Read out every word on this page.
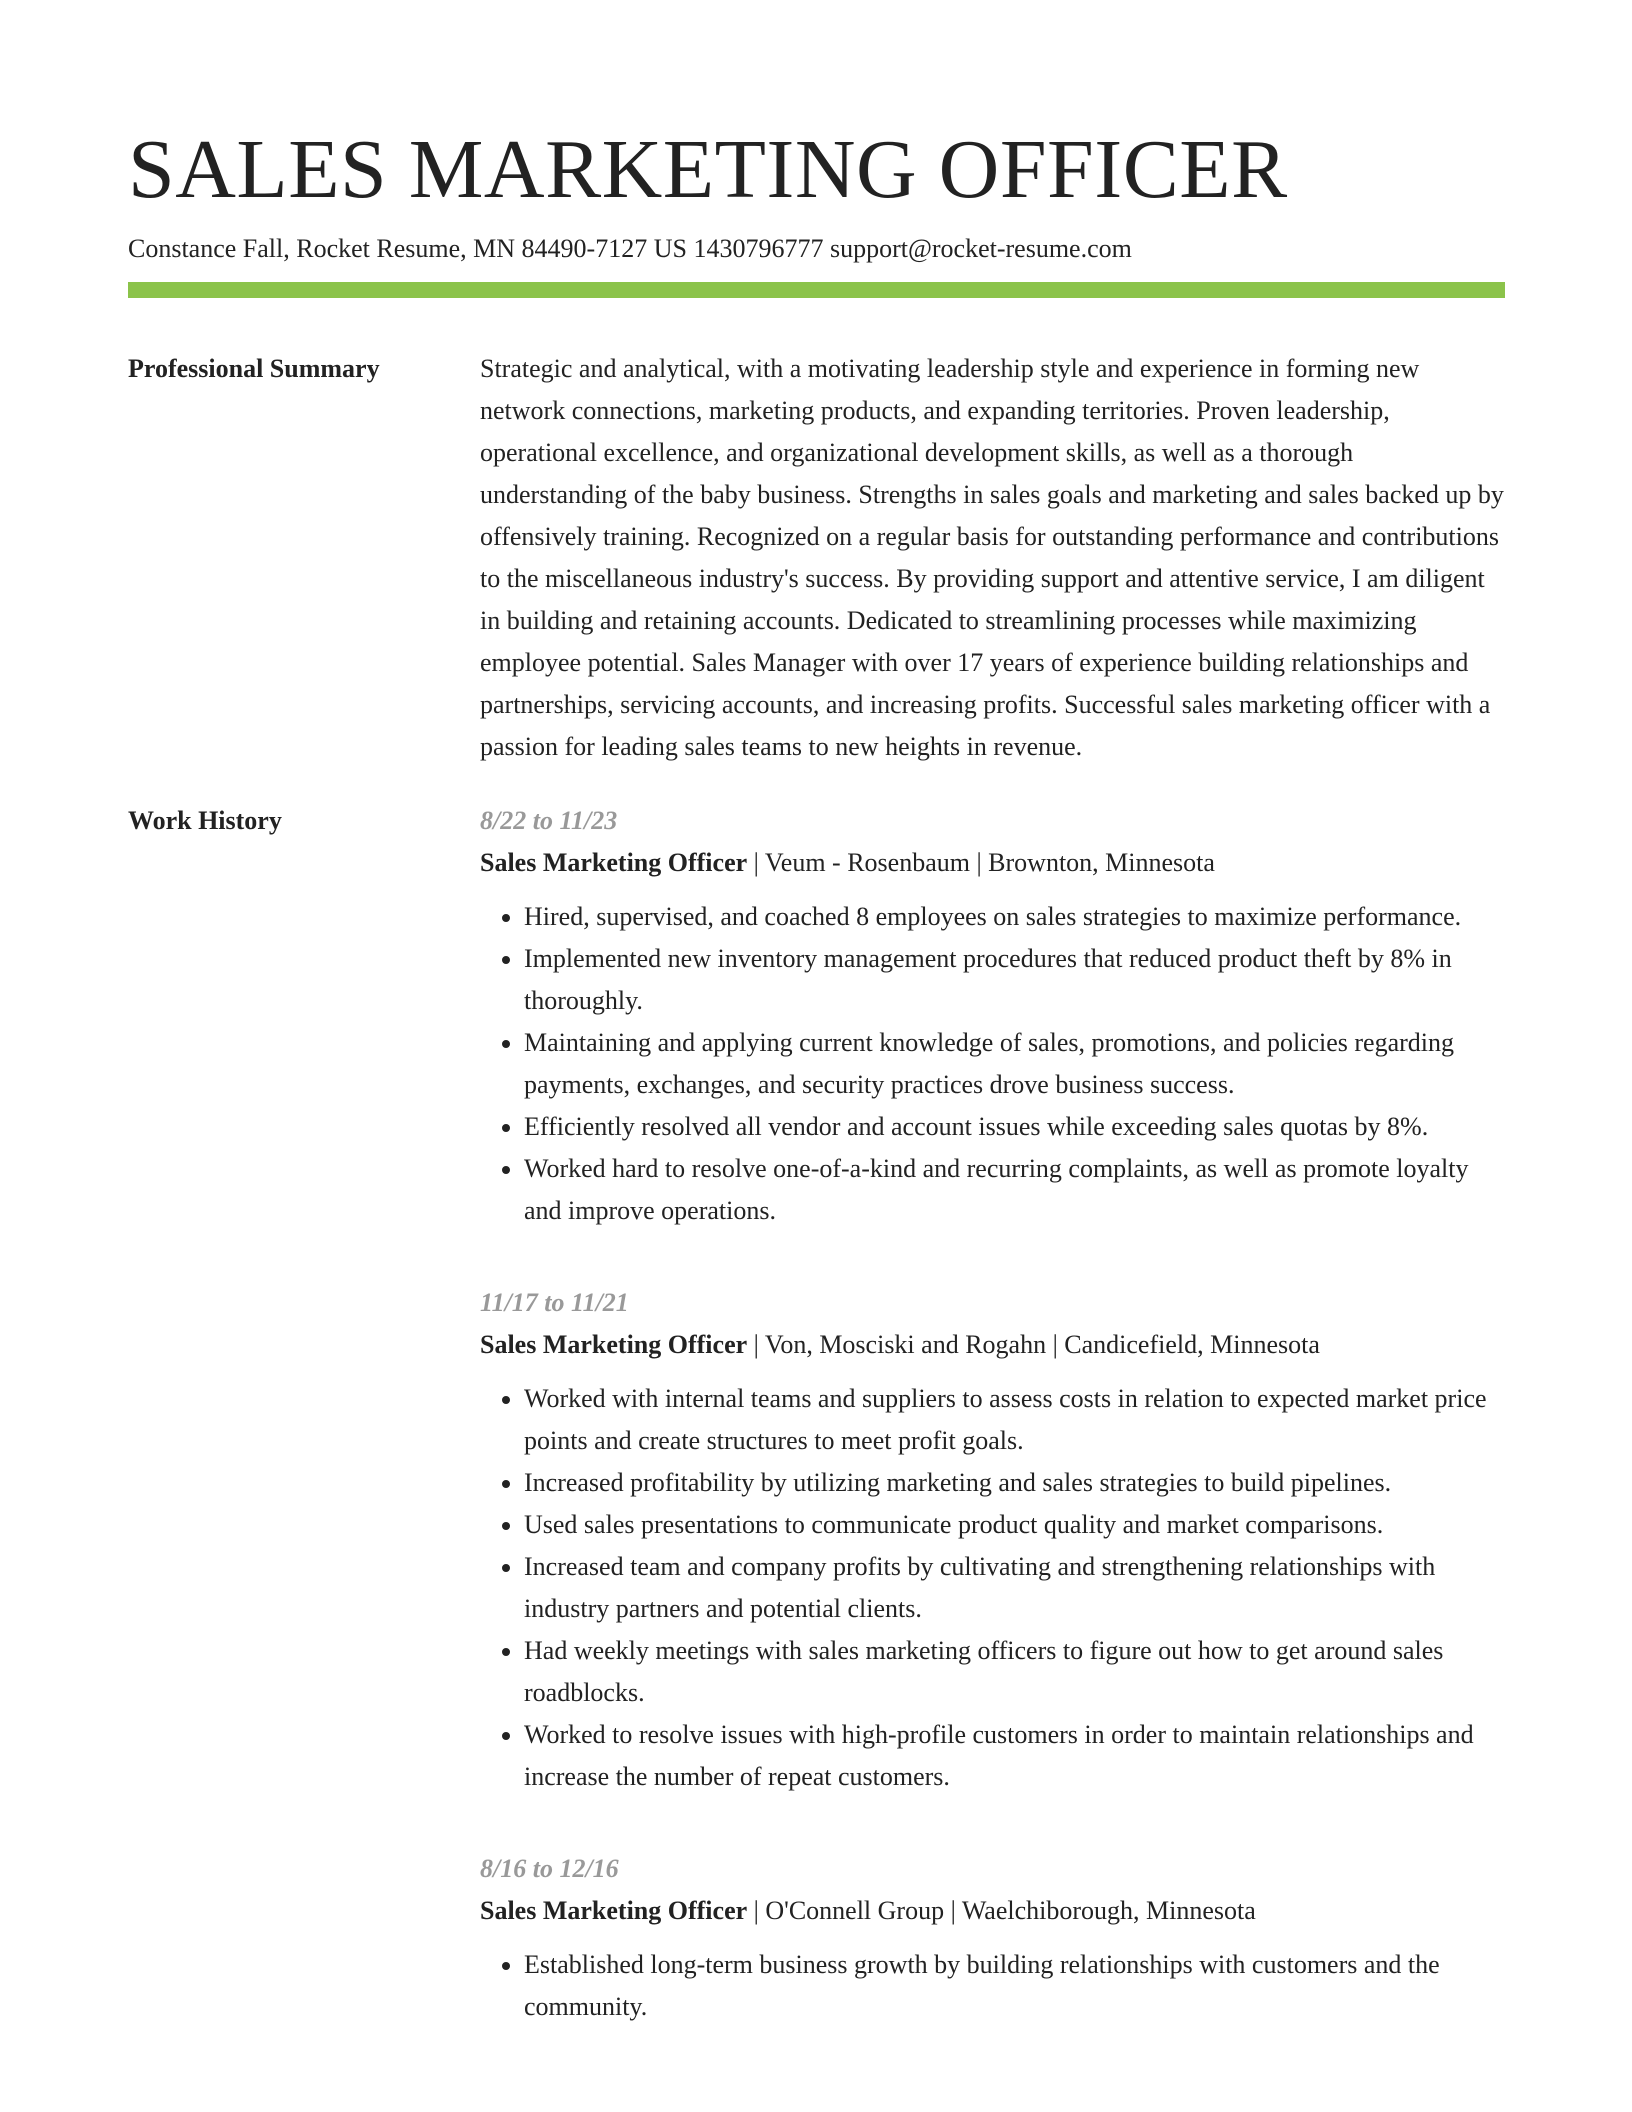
SALES MARKETING OFFICER
Constance Fall, Rocket Resume, MN 84490-7127 US 1430796777 support@rocket-resume.com
Professional Summary	Strategic and analytical, with a motivating leadership style and experience in forming new network connections, marketing products, and expanding territories. Proven leadership, operational excellence, and organizational development skills, as well as a thorough understanding of the baby business. Strengths in sales goals and marketing and sales backed up by offensively training. Recognized on a regular basis for outstanding performance and contributions to the miscellaneous industry's success. By providing support and attentive service, I am diligent in building and retaining accounts. Dedicated to streamlining processes while maximizing employee potential. Sales Manager with over 17 years of experience building relationships and partnerships, servicing accounts, and increasing profits. Successful sales marketing officer with a passion for leading sales teams to new heights in revenue.
Work History	8/22 to 11/23
Sales Marketing Officer | Veum - Rosenbaum | Brownton, Minnesota
• Hired, supervised, and coached 8 employees on sales strategies to maximize performance.
• Implemented new inventory management procedures that reduced product theft by 8% in thoroughly.
• Maintaining and applying current knowledge of sales, promotions, and policies regarding payments, exchanges, and security practices drove business success.
• Efficiently resolved all vendor and account issues while exceeding sales quotas by 8%.
• Worked hard to resolve one-of-a-kind and recurring complaints, as well as promote loyalty and improve operations.
11/17 to 11/21
Sales Marketing Officer | Von, Mosciski and Rogahn | Candicefield, Minnesota
• Worked with internal teams and suppliers to assess costs in relation to expected market price points and create structures to meet profit goals.
• Increased profitability by utilizing marketing and sales strategies to build pipelines.
• Used sales presentations to communicate product quality and market comparisons.
• Increased team and company profits by cultivating and strengthening relationships with industry partners and potential clients.
• Had weekly meetings with sales marketing officers to figure out how to get around sales roadblocks.
• Worked to resolve issues with high-profile customers in order to maintain relationships and increase the number of repeat customers.
8/16 to 12/16
Sales Marketing Officer | O'Connell Group | Waelchiborough, Minnesota
• Established long-term business growth by building relationships with customers and the community.
